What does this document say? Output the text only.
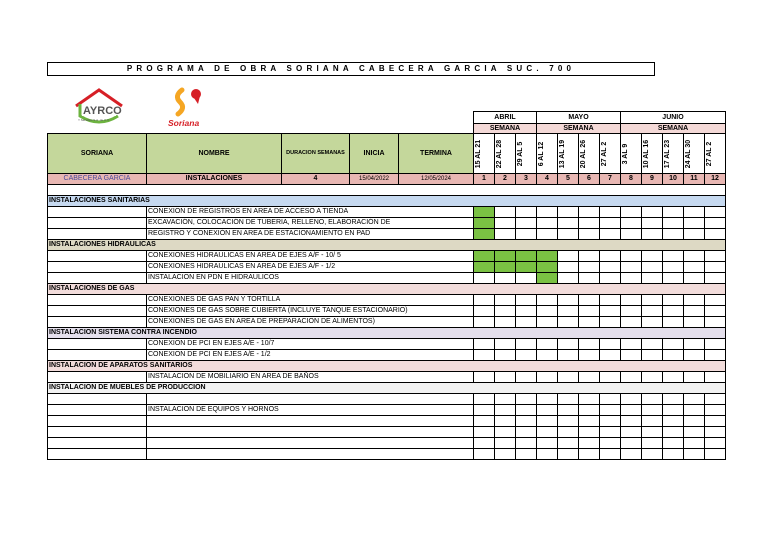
PROGRAMA DE OBRA SORIANA CABECERA GARCIA SUC. 700
AYRCO
Y Servidos S.A. de C.V.	Soriana
					ABRIL			MAYO				JUNIO				
					SEMANA			SEMANA				SEMANA				
SORIANA	NOMBRE	DURACION SEMANAS	INICIA	TERMINA	15 AL 21	22 AL 28	29 AL 5	6 AL 12	13 AL 19	20 AL 26	27 AL 2	3 AL 9	10 AL 16	17 AL 23	24 AL 30	27 AL 2

CABECERA GARCIA	INSTALACIONES	4	15/04/2022	12/05/2024	1	2	3	4	5	6	7	8	9	10	11	12

INSTALACIONES SANITARIAS																
	CONEXION DE REGISTROS EN AREA DE ACCESO A TIENDA															
	EXCAVACIÓN, COLOCACIÓN DE TUBERIA, RELLENO, ELABORACIÓN DE															
	REGISTRO Y CONEXIÓN EN AREA DE ESTACIONAMIENTO EN PAD															
INSTALACIONES HIDRAULICAS																
	CONEXIONES HIDRAULICAS EN AREA DE EJES A/F - 10/ 5															
	CONEXIONES HIDRAULICAS EN AREA DE EJES A/F - 1/2															
	INSTALACION EN PDN E HIDRAULICOS															
INSTALACIONES DE GAS																
	CONEXIONES DE GAS PAN Y TORTILLA															
	CONEXIONES DE GAS SOBRE CUBIERTA (INCLUYE TANQUE ESTACIONARIO)															
	CONEXIONES DE GAS EN AREA DE PREPARACION DE ALIMENTOS)															
INSTALACION SISTEMA CONTRA INCENDIO																
	CONEXION DE PCI EN EJES A/E - 10/7															
	CONEXION DE PCI EN EJES A/E - 1/2															
INSTALACION DE APARATOS SANITARIOS																
	INSTALACION DE MOBILIARIO EN AREA DE BAÑOS															
INSTALACION DE MUEBLES DE PRODUCCION																

	INSTALACION DE EQUIPOS Y HORNOS															
